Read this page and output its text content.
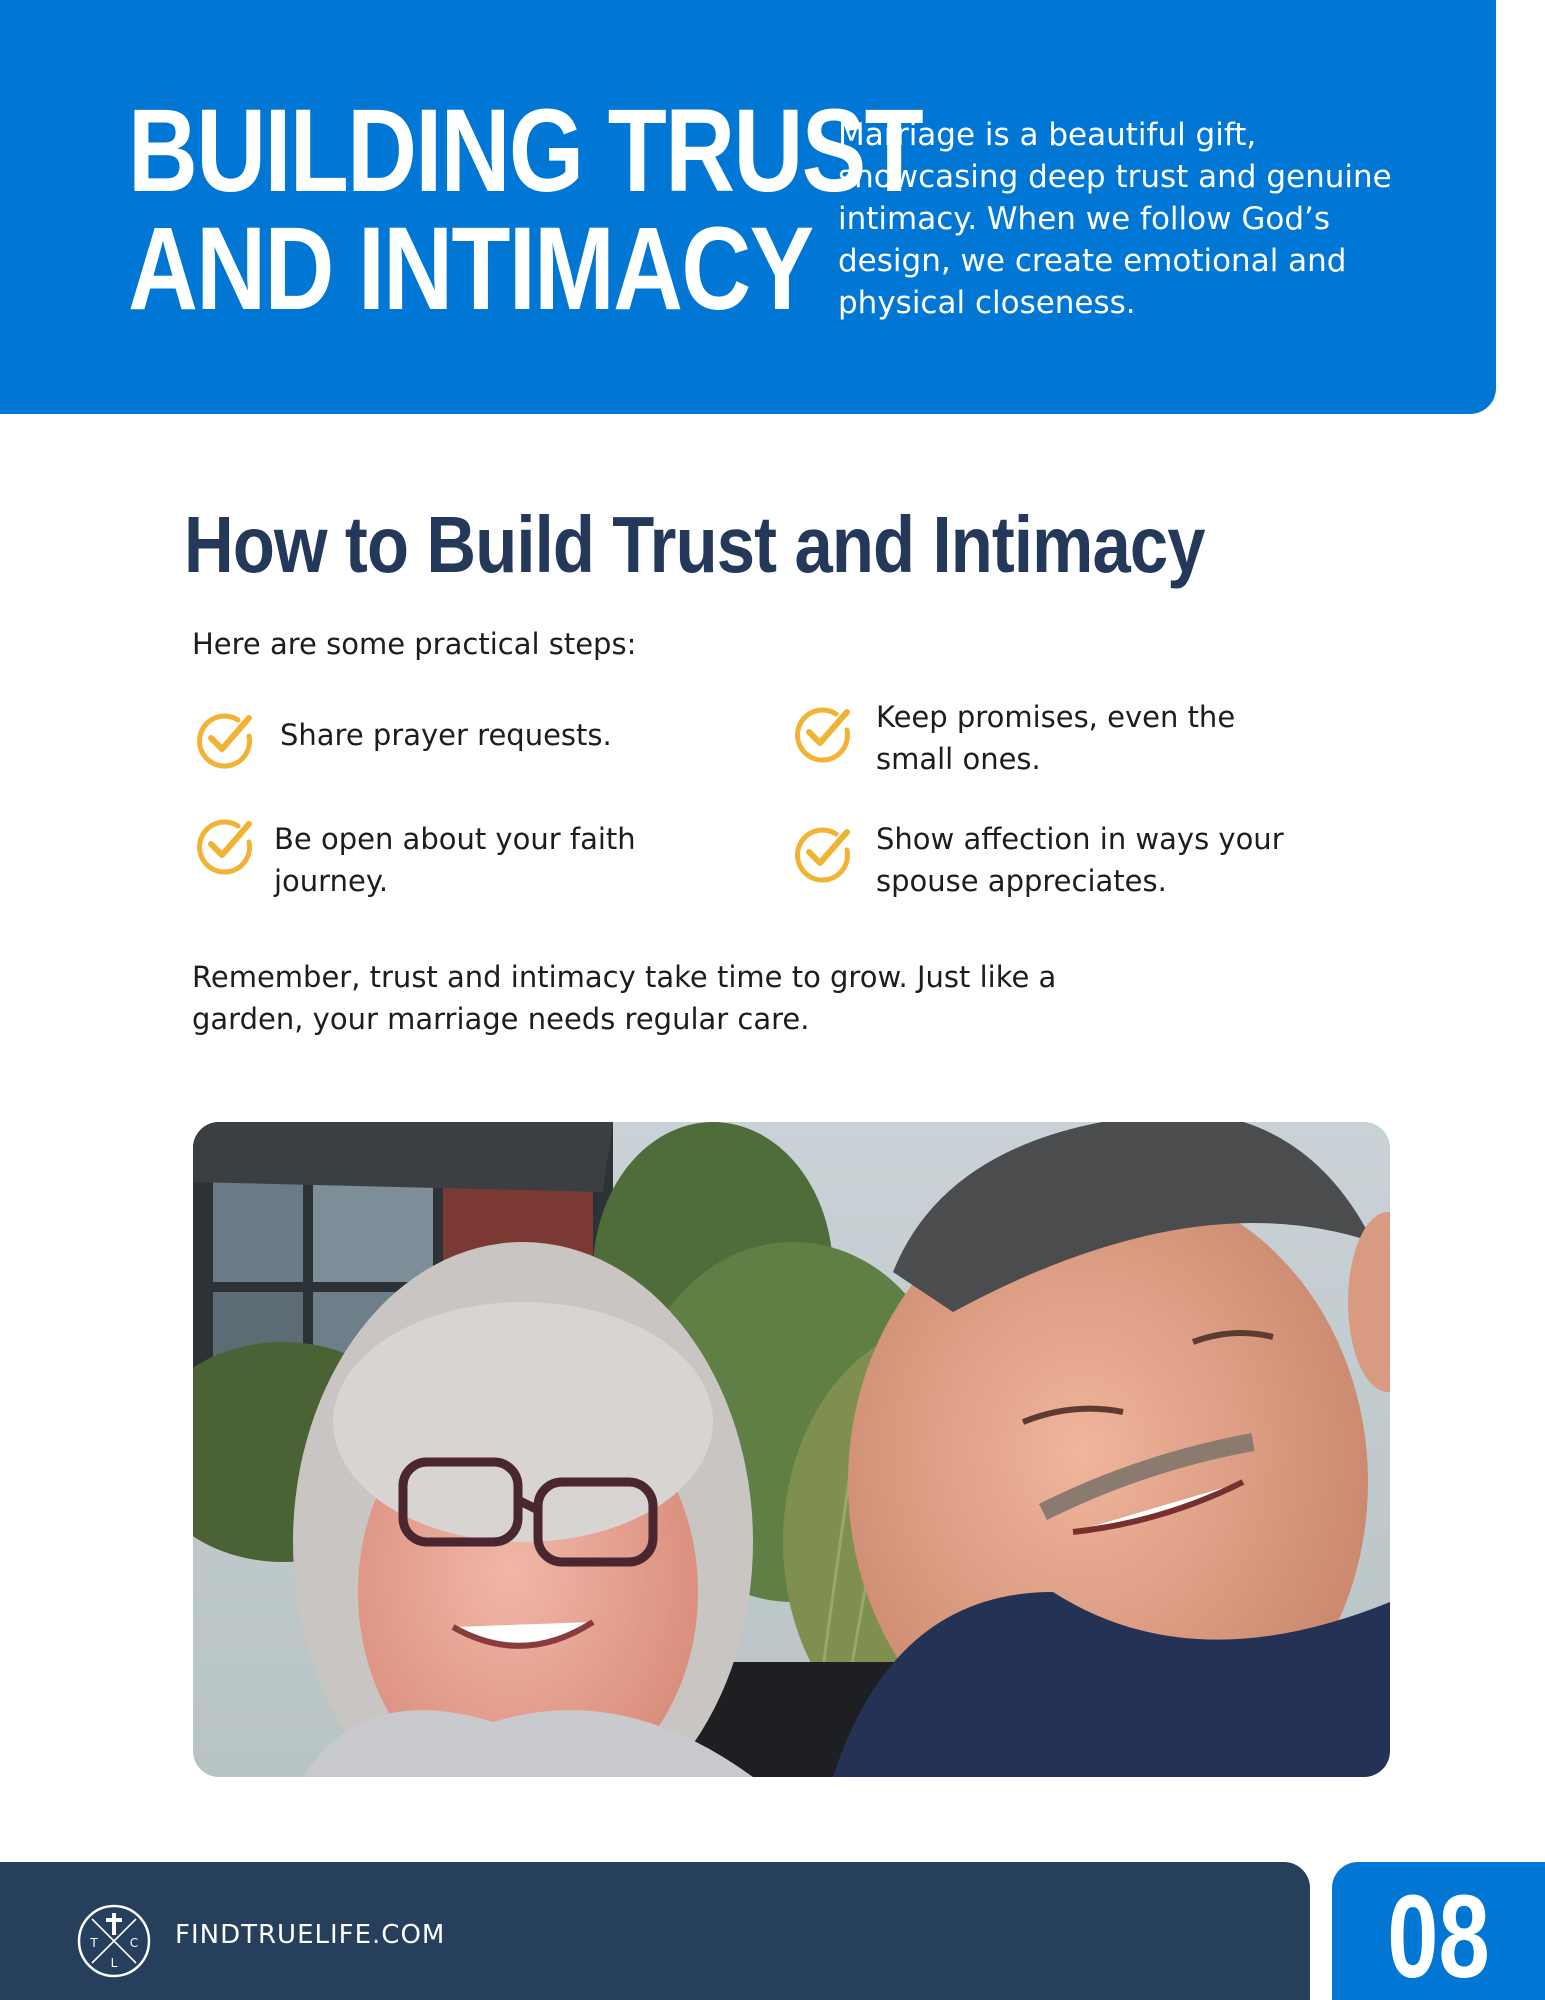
BUILDING TRUST
AND INTIMACY

Marriage is a beautiful gift, showcasing deep trust and genuine intimacy. When we follow God’s design, we create emotional and physical closeness.

How to Build Trust and Intimacy

Here are some practical steps:

Share prayer requests.
Keep promises, even the small ones.
Be open about your faith journey.
Show affection in ways your spouse appreciates.

Remember, trust and intimacy take time to grow. Just like a garden, your marriage needs regular care.

T	C
L
FINDTRUELIFE.COM	08
